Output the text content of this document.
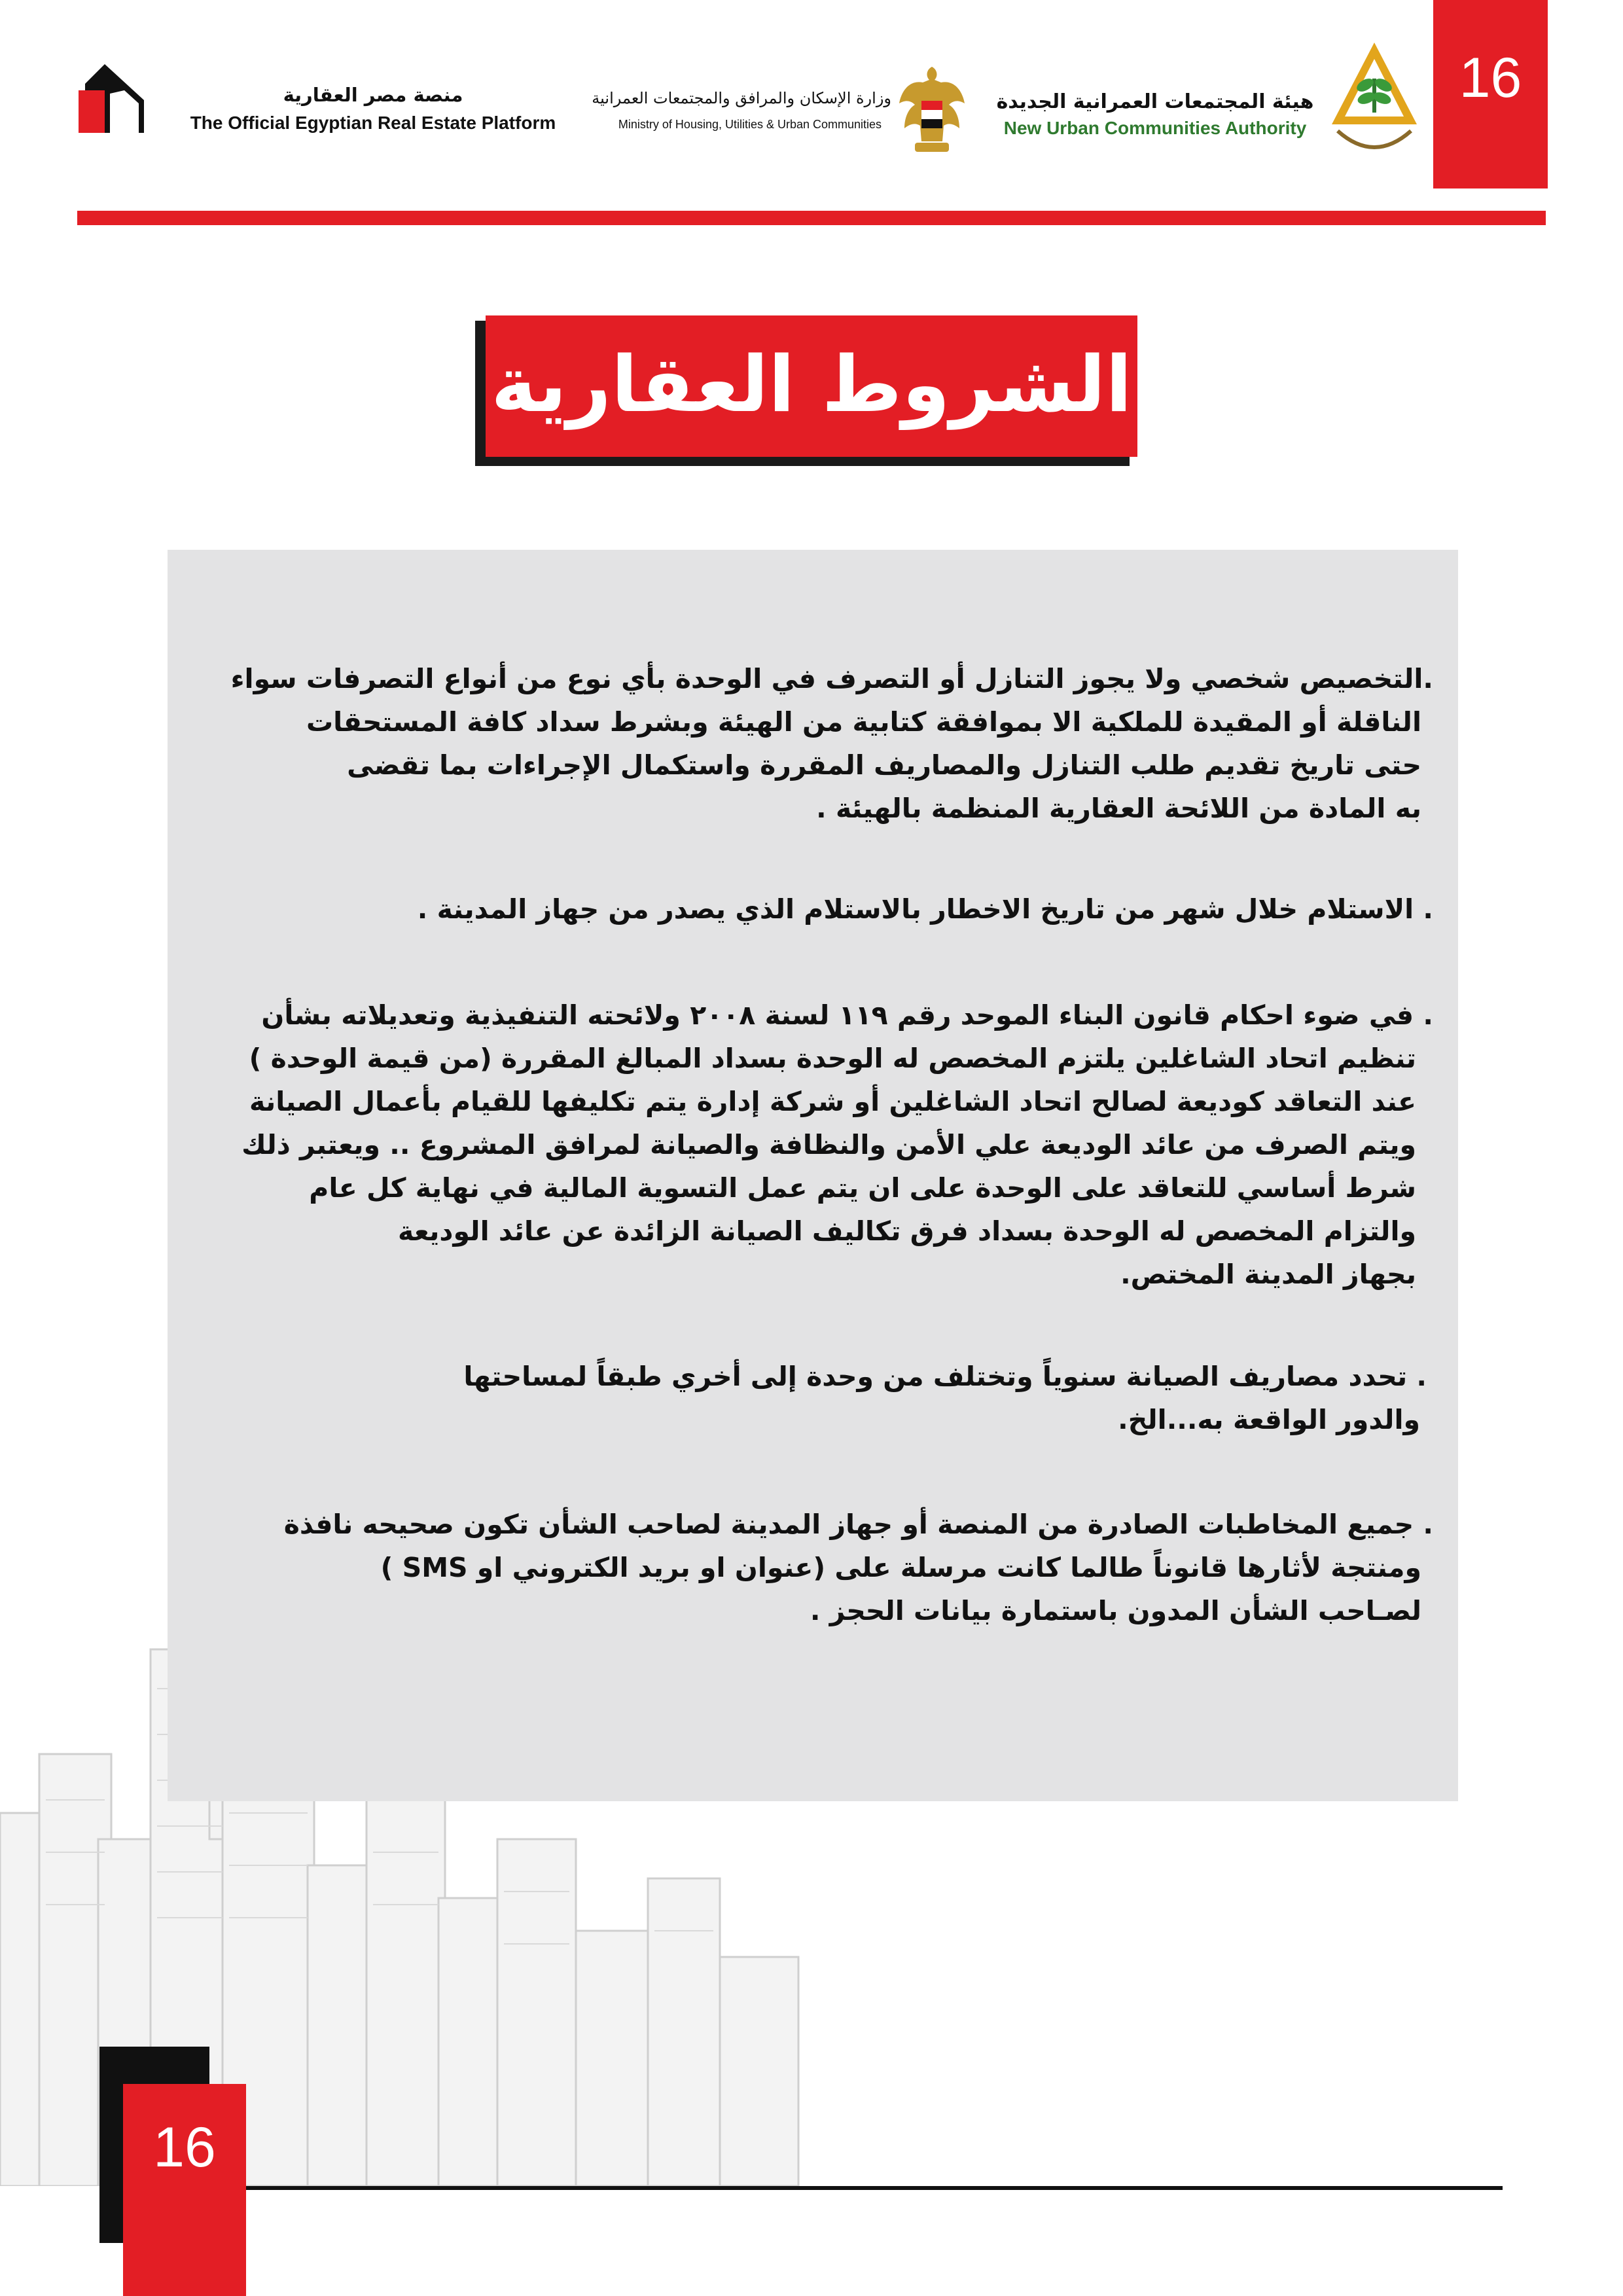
16
منصة مصر العقارية
The Official Egyptian Real Estate Platform
وزارة الإسكان والمرافق والمجتمعات العمرانية
Ministry of Housing, Utilities & Urban Communities
هيئة المجتمعات العمرانية الجديدة
New Urban Communities Authority
الشروط العقارية
.التخصيص شخصي ولا يجوز التنازل أو التصرف في الوحدة بأي نوع من أنواع التصرفات سواء
الناقلة أو المقيدة للملكية الا بموافقة كتابية من الهيئة وبشرط سداد كافة المستحقات
حتى تاريخ تقديم طلب التنازل والمصاريف المقررة واستكمال الإجراءات بما تقضى
به المادة من اللائحة العقارية المنظمة بالهيئة .
. الاستلام خلال شهر من تاريخ الاخطار بالاستلام الذي يصدر من جهاز المدينة .
. في ضوء احكام قانون البناء الموحد رقم ١١٩ لسنة ٢٠٠٨ ولائحته التنفيذية وتعديلاته بشأن
تنظيم اتحاد الشاغلين يلتزم المخصص له الوحدة بسداد المبالغ المقررة (من قيمة الوحدة )
عند التعاقد كوديعة لصالح اتحاد الشاغلين أو شركة إدارة يتم تكليفها للقيام بأعمال الصيانة
ويتم الصرف من عائد الوديعة علي الأمن والنظافة والصيانة لمرافق المشروع .. ويعتبر ذلك
شرط أساسي للتعاقد على الوحدة على ان يتم عمل التسوية المالية في نهاية كل عام
والتزام المخصص له الوحدة بسداد فرق تكاليف الصيانة الزائدة عن عائد الوديعة
بجهاز المدينة المختص.
. تحدد مصاريف الصيانة سنوياً وتختلف من وحدة إلى أخري طبقاً لمساحتها
والدور الواقعة به...الخ.
. جميع المخاطبات الصادرة من المنصة أو جهاز المدينة لصاحب الشأن تكون صحيحه نافذة
ومنتجة لأثارها قانوناً طالما كانت مرسلة على (عنوان او بريد الكتروني او SMS )
لصـاحب الشأن المدون باستمارة بيانات الحجز .
16
